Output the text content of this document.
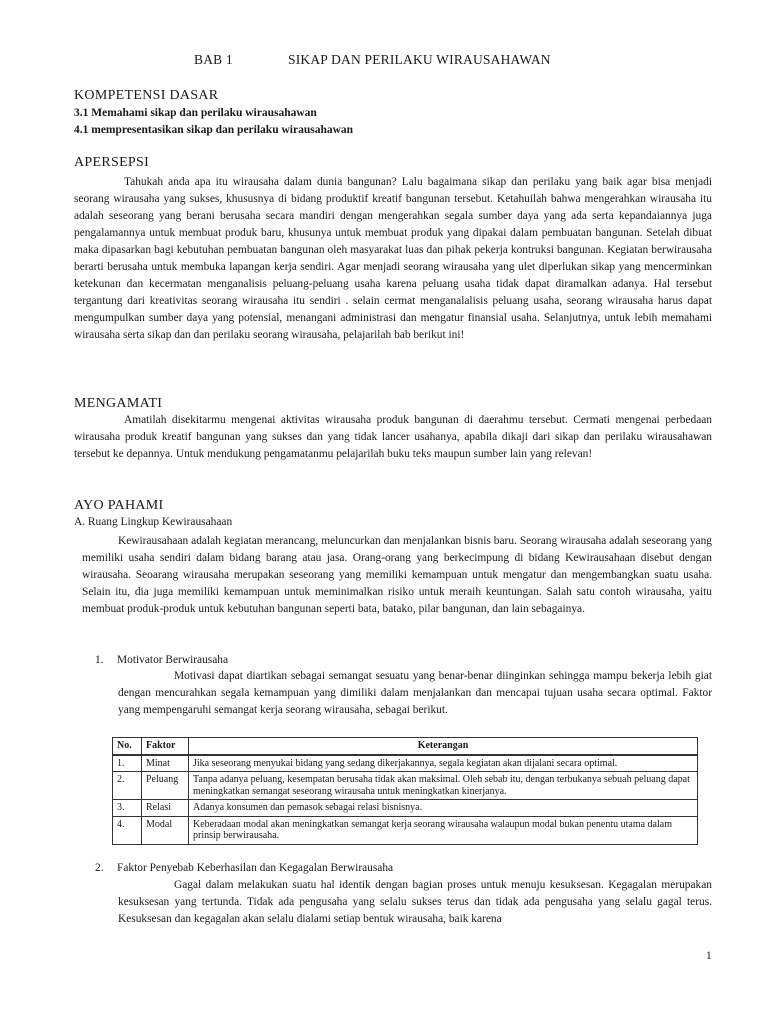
BAB 1	SIKAP DAN PERILAKU WIRAUSAHAWAN
KOMPETENSI DASAR
3.1 Memahami sikap dan perilaku wirausahawan
4.1 mempresentasikan sikap dan perilaku wirausahawan
APERSEPSI

Tahukah anda apa itu wirausaha dalam dunia bangunan? Lalu bagaimana sikap dan perilaku yang baik agar bisa menjadi seorang wirausaha yang sukses, khususnya di bidang produktif kreatif bangunan tersebut. Ketahuilah bahwa mengerahkan wirausaha itu adalah seseorang yang berani berusaha secara mandiri dengan mengerahkan segala sumber daya yang ada serta kepandaiannya juga pengalamannya untuk membuat produk baru, khusunya untuk membuat produk yang dipakai dalam pembuatan bangunan. Setelah dibuat maka dipasarkan bagi kebutuhan pembuatan bangunan oleh masyarakat luas dan pihak pekerja kontruksi bangunan. Kegiatan berwirausaha berarti berusaha untuk membuka lapangan kerja sendiri. Agar menjadi seorang wirausaha yang ulet diperlukan sikap yang mencerminkan ketekunan dan kecermatan menganalisis peluang-peluang usaha karena peluang usaha tidak dapat diramalkan adanya. Hal tersebut tergantung dari kreativitas seorang wirausaha itu sendiri . selain cermat menganalalisis peluang usaha, seorang wirausaha harus dapat mengumpulkan sumber daya yang potensial, menangani administrasi dan mengatur finansial usaha. Selanjutnya, untuk lebih memahami wirausaha serta sikap dan dan perilaku seorang wirausaha, pelajarilah bab berikut ini!

MENGAMATI

Amatilah disekitarmu mengenai aktivitas wirausaha produk bangunan di daerahmu tersebut. Cermati mengenai perbedaan wirausaha produk kreatif bangunan yang sukses dan yang tidak lancer usahanya, apabila dikaji dari sikap dan perilaku wirausahawan tersebut ke depannya. Untuk mendukung pengamatanmu pelajarilah buku teks maupun sumber lain yang relevan!

AYO PAHAMI
A. Ruang Lingkup Kewirausahaan

Kewirausahaan adalah kegiatan merancang, meluncurkan dan menjalankan bisnis baru. Seorang wirausaha adalah seseorang yang memiliki usaha sendiri dalam bidang barang atau jasa. Orang-orang yang berkecimpung di bidang Kewirausahaan disebut dengan wirausaha. Seoarang wirausaha merupakan seseorang yang memiliki kemampuan untuk mengatur dan mengembangkan suatu usaha. Selain itu, dia juga memiliki kemampuan untuk meminimalkan risiko untuk meraih keuntungan. Salah satu contoh wirausaha, yaitu membuat produk-produk untuk kebutuhan bangunan seperti bata, batako, pilar bangunan, dan lain sebagainya.

1. Motivator Berwirausaha

Motivasi dapat diartikan sebagai semangat sesuatu yang benar-benar diinginkan sehingga mampu bekerja lebih giat dengan mencurahkan segala kemampuan yang dimiliki dalam menjalankan dan mencapai tujuan usaha secara optimal. Faktor yang mempengaruhi semangat kerja seorang wirausaha, sebagai berikut.

No.	Faktor	Keterangan
1.	Minat	Jika seseorang menyukai bidang yang sedang dikerjakannya, segala kegiatan akan dijalani secara optimal.
2.	Peluang	Tanpa adanya peluang, kesempatan berusaha tidak akan maksimal. Oleh sebab itu, dengan terbukanya sebuah peluang dapat meningkatkan semangat seseorang wirausaha untuk meningkatkan kinerjanya.
3.	Relasi	Adanya konsumen dan pemasok sebagai relasi bisnisnya.
4.	Modal	Keberadaan modal akan meningkatkan semangat kerja seorang wirausaha walaupun modal bukan penentu utama dalam prinsip berwirausaha.
2. Faktor Penyebab Keberhasilan dan Kegagalan Berwirausaha

Gagal dalam melakukan suatu hal identik dengan bagian proses untuk menuju kesuksesan. Kegagalan merupakan kesuksesan yang tertunda. Tidak ada pengusaha yang selalu sukses terus dan tidak ada pengusaha yang selalu gagal terus. Kesuksesan dan kegagalan akan selalu dialami setiap bentuk wirausaha, baik karena

1
